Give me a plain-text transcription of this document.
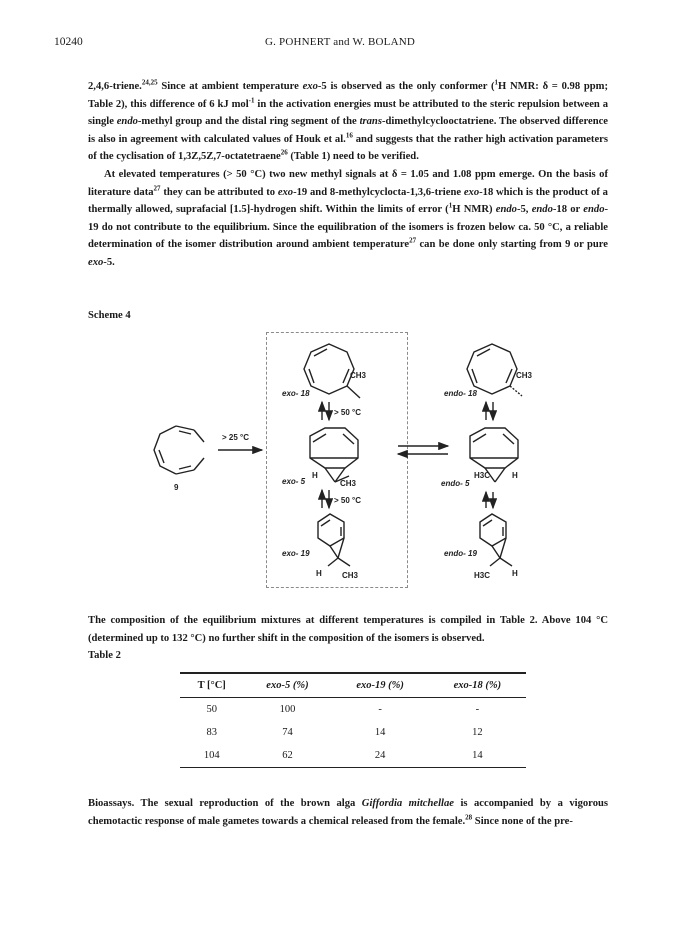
10240	G. POHNERT and W. BOLAND
2,4,6-triene.$^{24,25}$ Since at ambient temperature exo-5 is observed as the only conformer ($^1$H NMR: δ = 0.98 ppm; Table 2), this difference of 6 kJ mol$^{-1}$ in the activation energies must be attributed to the steric repulsion between a single endo-methyl group and the distal ring segment of the trans-dimethylcyclooctatriene. The observed difference is also in agreement with calculated values of Houk et al.$^{16}$ and suggests that the rather high activation parameters of the cyclisation of 1,3Z,5Z,7-octatetraene$^{26}$ (Table 1) need to be verified.
At elevated temperatures (> 50 °C) two new methyl signals at δ = 1.05 and 1.08 ppm emerge. On the basis of literature data$^{27}$ they can be attributed to exo-19 and 8-methylcyclocta-1,3,6-triene exo-18 which is the product of a thermally allowed, suprafacial [1.5]-hydrogen shift. Within the limits of error ($^1$H NMR) endo-5, endo-18 or endo-19 do not contribute to the equilibrium. Since the equilibration of the isomers is frozen below ca. 50 °C, a reliable determination of the isomer distribution around ambient temperature$^{27}$ can be done only starting from 9 or pure exo-5.
Scheme 4
CH3	CH3
exo- 18	endo- 18
> 50 °C
> 25 °C
9
H
CH3
exo- 5
H3C	H
endo- 5
> 50 °C
exo- 19	endo- 19
H	CH3	H3C	H
The composition of the equilibrium mixtures at different temperatures is compiled in Table 2. Above 104 °C (determined up to 132 °C) no further shift in the composition of the isomers is observed.
Table 2
T [°C]	exo-5 (%)	exo-19 (%)	exo-18 (%)
50	100	-	-
83	74	14	12
104	62	24	14
Bioassays. The sexual reproduction of the brown alga Giffordia mitchellae is accompanied by a vigorous chemotactic response of male gametes towards a chemical released from the female.$^{28}$ Since none of the pre-
